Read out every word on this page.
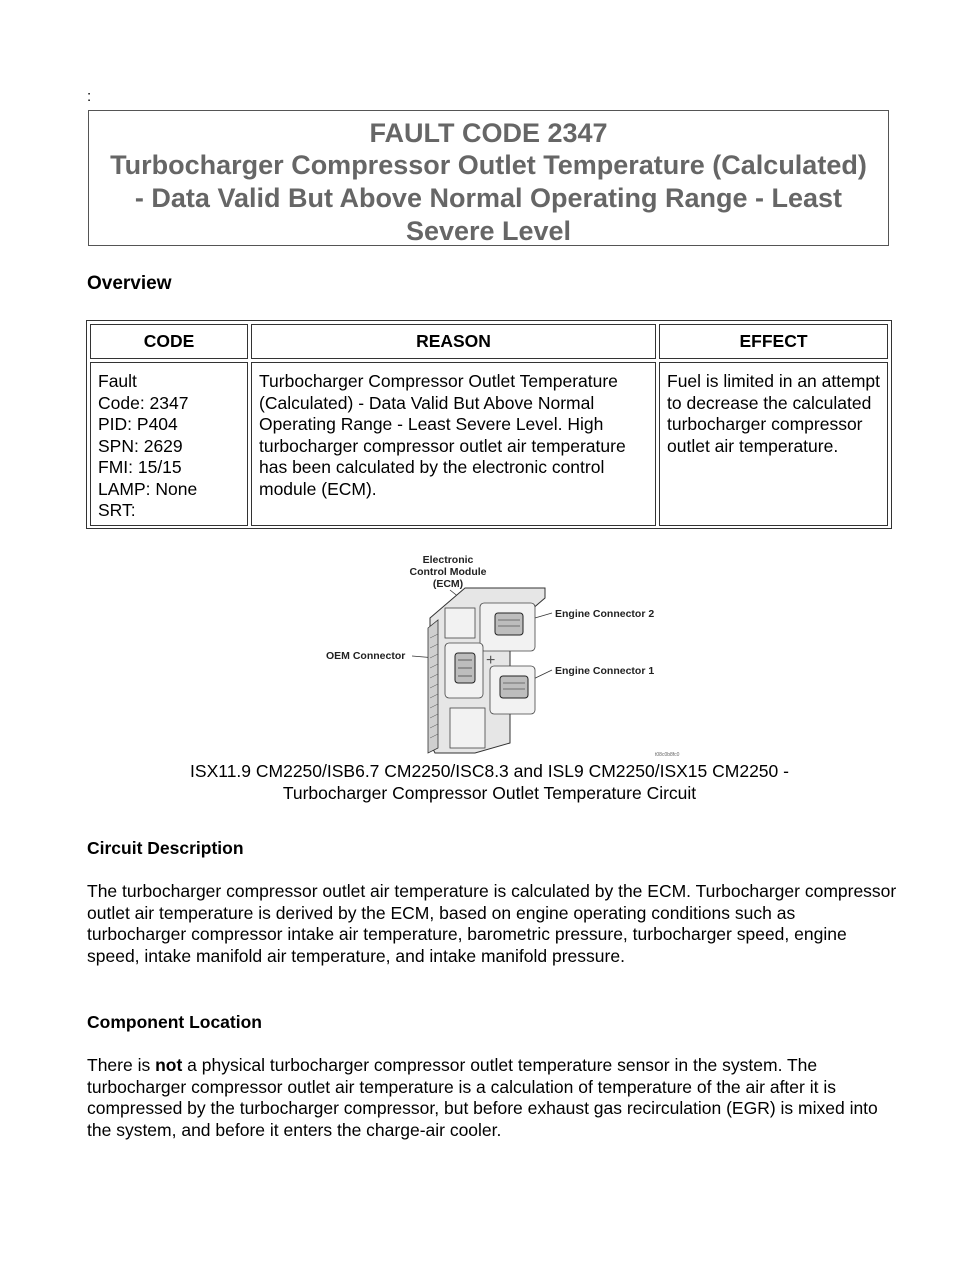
:
FAULT CODE 2347
Turbocharger Compressor Outlet Temperature (Calculated) - Data Valid But Above Normal Operating Range - Least Severe Level
Overview
CODE	REASON	EFFECT
Fault
Code: 2347
PID: P404
SPN: 2629
FMI: 15/15
LAMP: None
SRT:
Turbocharger Compressor Outlet Temperature (Calculated) - Data Valid But Above Normal Operating Range - Least Severe Level. High turbocharger compressor outlet air temperature has been calculated by the electronic control module (ECM).
Fuel is limited in an attempt to decrease the calculated turbocharger compressor outlet air temperature.
Electronic
Control Module
(ECM)
Engine Connector 2
OEM Connector
Engine Connector 1
t08c0b8fc0
+
ISX11.9 CM2250/ISB6.7 CM2250/ISC8.3 and ISL9 CM2250/ISX15 CM2250 -
Turbocharger Compressor Outlet Temperature Circuit
Circuit Description
The turbocharger compressor outlet air temperature is calculated by the ECM. Turbocharger compressor outlet air temperature is derived by the ECM, based on engine operating conditions such as turbocharger compressor intake air temperature, barometric pressure, turbocharger speed, engine speed, intake manifold air temperature, and intake manifold pressure.
Component Location
There is not a physical turbocharger compressor outlet temperature sensor in the system. The turbocharger compressor outlet air temperature is a calculation of temperature of the air after it is compressed by the turbocharger compressor, but before exhaust gas recirculation (EGR) is mixed into the system, and before it enters the charge-air cooler.
